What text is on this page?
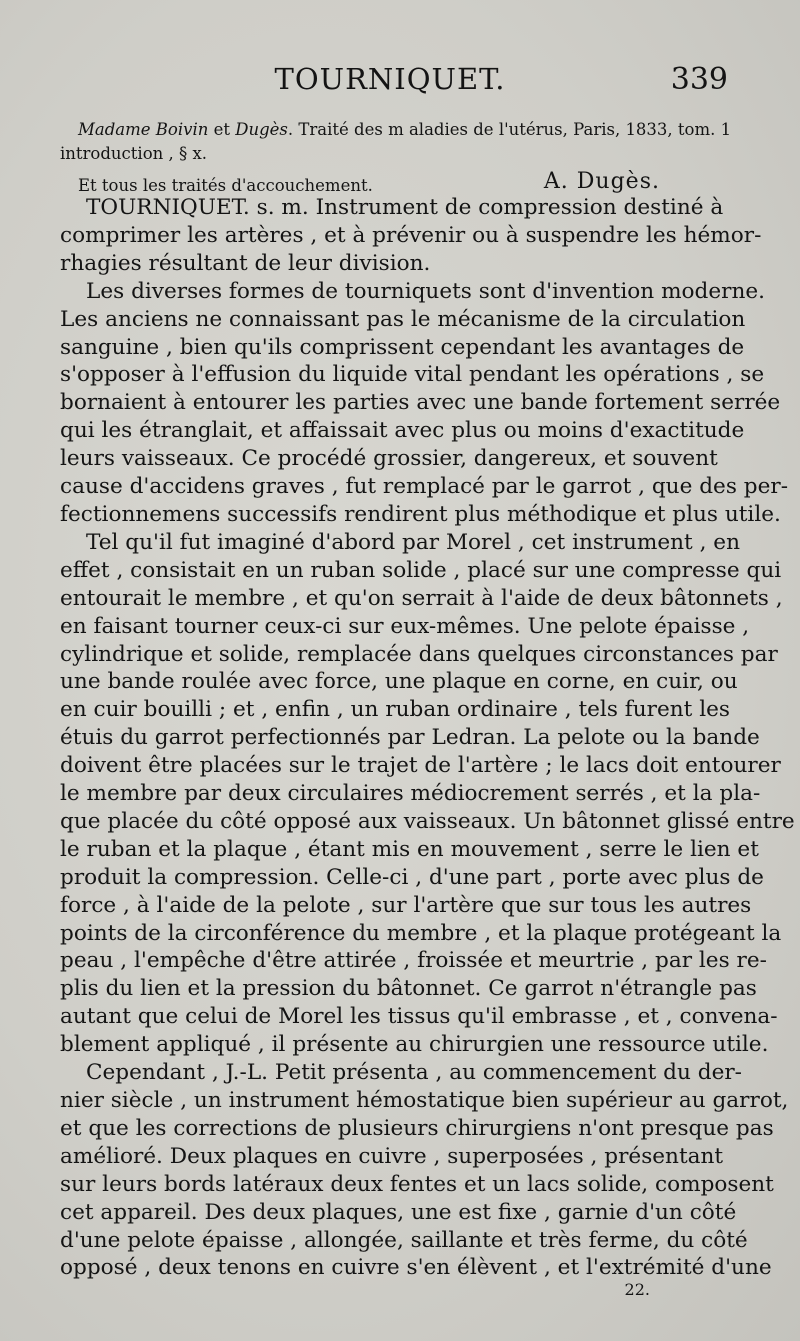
TOURNIQUET.	339
Madame Boivin et Dugès. Traité des m aladies de l'utérus, Paris, 1833, tom. 1
introduction , § x.
Et tous les traités d'accouchement.	A. Dugès.

TOURNIQUET. s. m. Instrument de compression destiné à
comprimer les artères , et à prévenir ou à suspendre les hémor-
rhagies résultant de leur division.

Les diverses formes de tourniquets sont d'invention moderne.
Les anciens ne connaissant pas le mécanisme de la circulation
sanguine , bien qu'ils comprissent cependant les avantages de
s'opposer à l'effusion du liquide vital pendant les opérations , se
bornaient à entourer les parties avec une bande fortement serrée
qui les étranglait, et affaissait avec plus ou moins d'exactitude
leurs vaisseaux. Ce procédé grossier, dangereux, et souvent
cause d'accidens graves , fut remplacé par le garrot , que des per-
fectionnemens successifs rendirent plus méthodique et plus utile.

Tel qu'il fut imaginé d'abord par Morel , cet instrument , en
effet , consistait en un ruban solide , placé sur une compresse qui
entourait le membre , et qu'on serrait à l'aide de deux bâtonnets ,
en faisant tourner ceux-ci sur eux-mêmes. Une pelote épaisse ,
cylindrique et solide, remplacée dans quelques circonstances par
une bande roulée avec force, une plaque en corne, en cuir, ou
en cuir bouilli ; et , enfin , un ruban ordinaire , tels furent les
étuis du garrot perfectionnés par Ledran. La pelote ou la bande
doivent être placées sur le trajet de l'artère ; le lacs doit entourer
le membre par deux circulaires médiocrement serrés , et la pla-
que placée du côté opposé aux vaisseaux. Un bâtonnet glissé entre
le ruban et la plaque , étant mis en mouvement , serre le lien et
produit la compression. Celle-ci , d'une part , porte avec plus de
force , à l'aide de la pelote , sur l'artère que sur tous les autres
points de la circonférence du membre , et la plaque protégeant la
peau , l'empêche d'être attirée , froissée et meurtrie , par les re-
plis du lien et la pression du bâtonnet. Ce garrot n'étrangle pas
autant que celui de Morel les tissus qu'il embrasse , et , convena-
blement appliqué , il présente au chirurgien une ressource utile.

Cependant , J.-L. Petit présenta , au commencement du der-
nier siècle , un instrument hémostatique bien supérieur au garrot,
et que les corrections de plusieurs chirurgiens n'ont presque pas
amélioré. Deux plaques en cuivre , superposées , présentant
sur leurs bords latéraux deux fentes et un lacs solide, composent
cet appareil. Des deux plaques, une est fixe , garnie d'un côté
d'une pelote épaisse , allongée, saillante et très ferme, du côté
opposé , deux tenons en cuivre s'en élèvent , et l'extrémité d'une

22.
